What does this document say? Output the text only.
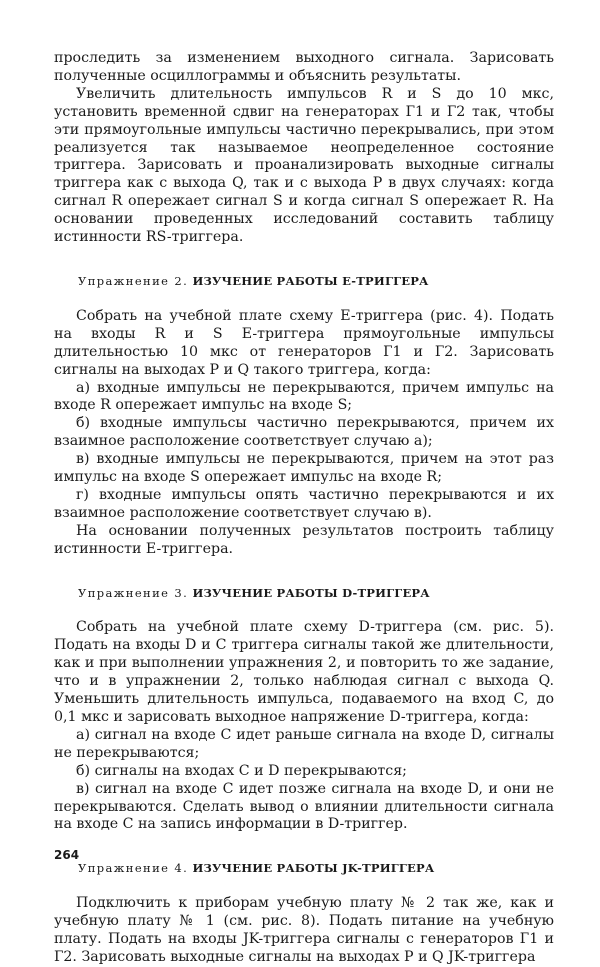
проследить за изменением выходного сигнала. Зарисовать полученные осциллограммы и объяснить результаты.

Увеличить длительность импульсов R и S до 10 мкс, установить временной сдвиг на генераторах Г1 и Г2 так, чтобы эти прямоугольные импульсы частично перекрывались, при этом реализуется так называемое неопределенное состояние триггера. Зарисовать и проанализировать выходные сигналы триггера как с выхода Q, так и с выхода P в двух случаях: когда сигнал R опережает сигнал S и когда сигнал S опережает R. На основании проведенных исследований составить таблицу истинности RS-триггера.

Упражнение 2. ИЗУЧЕНИЕ РАБОТЫ E-ТРИГГЕРА

Собрать на учебной плате схему E-триггера (рис. 4). Подать на входы R и S E-триггера прямоугольные импульсы длительностью 10 мкс от генераторов Г1 и Г2. Зарисовать сигналы на выходах P и Q такого триггера, когда:

а) входные импульсы не перекрываются, причем импульс на входе R опережает импульс на входе S;

б) входные импульсы частично перекрываются, причем их взаимное расположение соответствует случаю а);

в) входные импульсы не перекрываются, причем на этот раз импульс на входе S опережает импульс на входе R;

г) входные импульсы опять частично перекрываются и их взаимное расположение соответствует случаю в).

На основании полученных результатов построить таблицу истинности E-триггера.

Упражнение 3. ИЗУЧЕНИЕ РАБОТЫ D-ТРИГГЕРА

Собрать на учебной плате схему D-триггера (см. рис. 5). Подать на входы D и C триггера сигналы такой же длительности, как и при выполнении упражнения 2, и повторить то же задание, что и в упражнении 2, только наблюдая сигнал с выхода Q. Уменьшить длительность импульса, подаваемого на вход C, до 0,1 мкс и зарисовать выходное напряжение D-триггера, когда:

а) сигнал на входе C идет раньше сигнала на входе D, сигналы не перекрываются;

б) сигналы на входах C и D перекрываются;

в) сигнал на входе C идет позже сигнала на входе D, и они не перекрываются. Сделать вывод о влиянии длительности сигнала на входе C на запись информации в D-триггер.

Упражнение 4. ИЗУЧЕНИЕ РАБОТЫ JK-ТРИГГЕРА

Подключить к приборам учебную плату № 2 так же, как и учебную плату № 1 (см. рис. 8). Подать питание на учебную плату. Подать на входы JK-триггера сигналы с генераторов Г1 и Г2. Зарисовать выходные сигналы на выходах P и Q JK-триггера

264
